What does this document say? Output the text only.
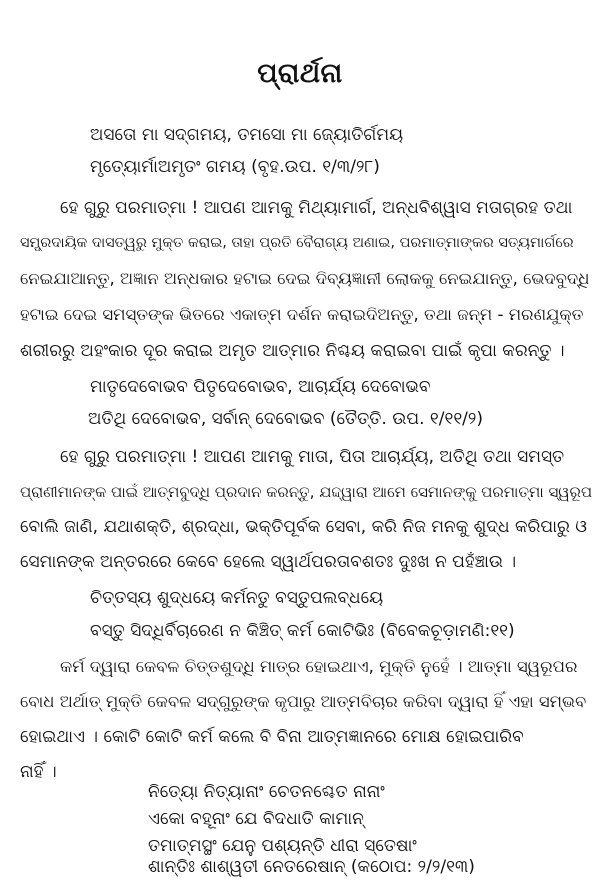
ପ୍ରାର୍ଥନା
ଅସତୋ ମା ସଦ୍‌ଗମୟ, ତମସୋ ମା ଜ୍ୟୋତିର୍ଗମୟ
ମୃତ୍ୟୋର୍ମାଅମୃତଂ ଗମୟ (ବୃହ.ଉପ. ୧/୩/୨୮)
ହେ ଗୁରୁ ପରମାତ୍ମା ! ଆପଣ ଆମକୁ ମିଥ୍ୟାମାର୍ଗ, ଅନ୍ଧବିଶ୍ୱାସ ମତାଗ୍ରହ ତଥା
ସମ୍ପ୍ରଦାୟିକ ଦାସତ୍ୱରୁ ମୁକ୍ତ କରାଇ, ତାହା ପ୍ରତି ବୈରାଗ୍ୟ ଅଣାଇ, ପରମାତ୍ମାଙ୍କର ସତ୍ୟମାର୍ଗରେ
ନେଇଯାଆନ୍ତୁ, ଅଜ୍ଞାନ ଅନ୍ଧକାର ହଟାଇ ଦେଇ ଦିବ୍ୟଜ୍ଞାନୀ ଲୋକକୁ ନେଇଯାନ୍ତୁ, ଭେଦବୁଦ୍ଧି
ହଟାଇ ଦେଇ ସମସ୍ତଙ୍କ ଭିତରେ ଏକାତ୍ମ ଦର୍ଶନ କରାଇଦିଅନ୍ତୁ, ତଥା ଜନ୍ମ - ମରଣଯୁକ୍ତ
ଶରୀରରୁ ଅହଂକାର ଦୂର କରାଇ ଅମୃତ ଆତ୍ମାର ନିଶ୍ଚୟ କରାଇବା ପାଇଁ କୃପା କରନ୍ତୁ ।
ମାତୃଦେବୋଭବ ପିତୃଦେବୋଭବ, ଆଚାର୍ଯ୍ୟ ଦେବୋଭବ
ଅତିଥି ଦେବୋଭବ, ସର୍ବାନ୍ ଦେବୋଭବ (ତୈତ୍ତି. ଉପ. ୧/୧୧/୨)
ହେ ଗୁରୁ ପରମାତ୍ମା ! ଆପଣ ଆମକୁ ମାତା, ପିତା ଆଚାର୍ଯ୍ୟ, ଅତିଥି ତଥା ସମସ୍ତ
ପ୍ରାଣୀମାନଙ୍କ ପାଇଁ ଆତ୍ମବୁଦ୍ଧି ପ୍ରଦାନ କରନ୍ତୁ, ଯଦ୍ଦ୍ୱାରା ଆମେ ସେମାନଙ୍କୁ ପରମାତ୍ମା ସ୍ୱରୂପ
ବୋଲି ଜାଣି, ଯଥାଶକ୍ତି, ଶ୍ରଦ୍ଧା, ଭକ୍ତିପୂର୍ବକ ସେବା, କରି ନିଜ ମନକୁ ଶୁଦ୍ଧ କରିପାରୁ ଓ
ସେମାନଙ୍କ ଅନ୍ତରରେ କେବେ ହେଲେ ସ୍ୱାର୍ଥପରତାବଶତଃ ଦୁଃଖ ନ ପହଁଞ୍ଚାଉ ।
ଚିତ୍ତସ୍ୟ ଶୁଦ୍ଧୟେ କର୍ମନତୁ ବସ୍ତୁପଲବ୍ଧୟେ
ବସ୍ତୁ ସିଦ୍ଧିର୍ବିଚାରେଣ ନ କିଞ୍ଚିତ୍ କର୍ମ କୋଟିଭିଃ (ବିବେକଚୂଡ଼ାମଣି:୧୧)
କର୍ମ ଦ୍ୱାରା କେବଳ ଚିତ୍ତଶୁଦ୍ଧି ମାତ୍ର ହୋଇଥାଏ, ମୁକ୍ତି ନୁହେଁ । ଆତ୍ମା ସ୍ୱରୂପର
ବୋଧ ଅର୍ଥାତ୍ ମୁକ୍ତି କେବଳ ସଦ୍‌ଗୁରୁଙ୍କ କୃପାରୁ ଆତ୍ମବିଚାର କରିବା ଦ୍ୱାରା ହିଁ ଏହା ସମ୍ଭବ
ହୋଇଥାଏ । କୋଟି କୋଟି କର୍ମ କଲେ ବି ବିନା ଆତ୍ମଜ୍ଞାନରେ ମୋକ୍ଷ ହୋଇପାରିବ
ନାହିଁ ।
ନିତ୍ୟୋ ନିତ୍ୟାନାଂ ଚେତନଶ୍ଚେତ ନାନାଂ
ଏକୋ ବହୂନାଂ ଯେ ବିଦଧାତି କାମାନ୍
ତମାତ୍ମସ୍ଥଂ ଯେନୁ ପଶ୍ୟନ୍ତି ଧୀରା ସ୍ତେଷାଂ
ଶାନ୍ତିଃ ଶାଶ୍ୱତୀ ନେତରେଷାନ୍ (କଠୋପ: ୨/୨/୧୩)
